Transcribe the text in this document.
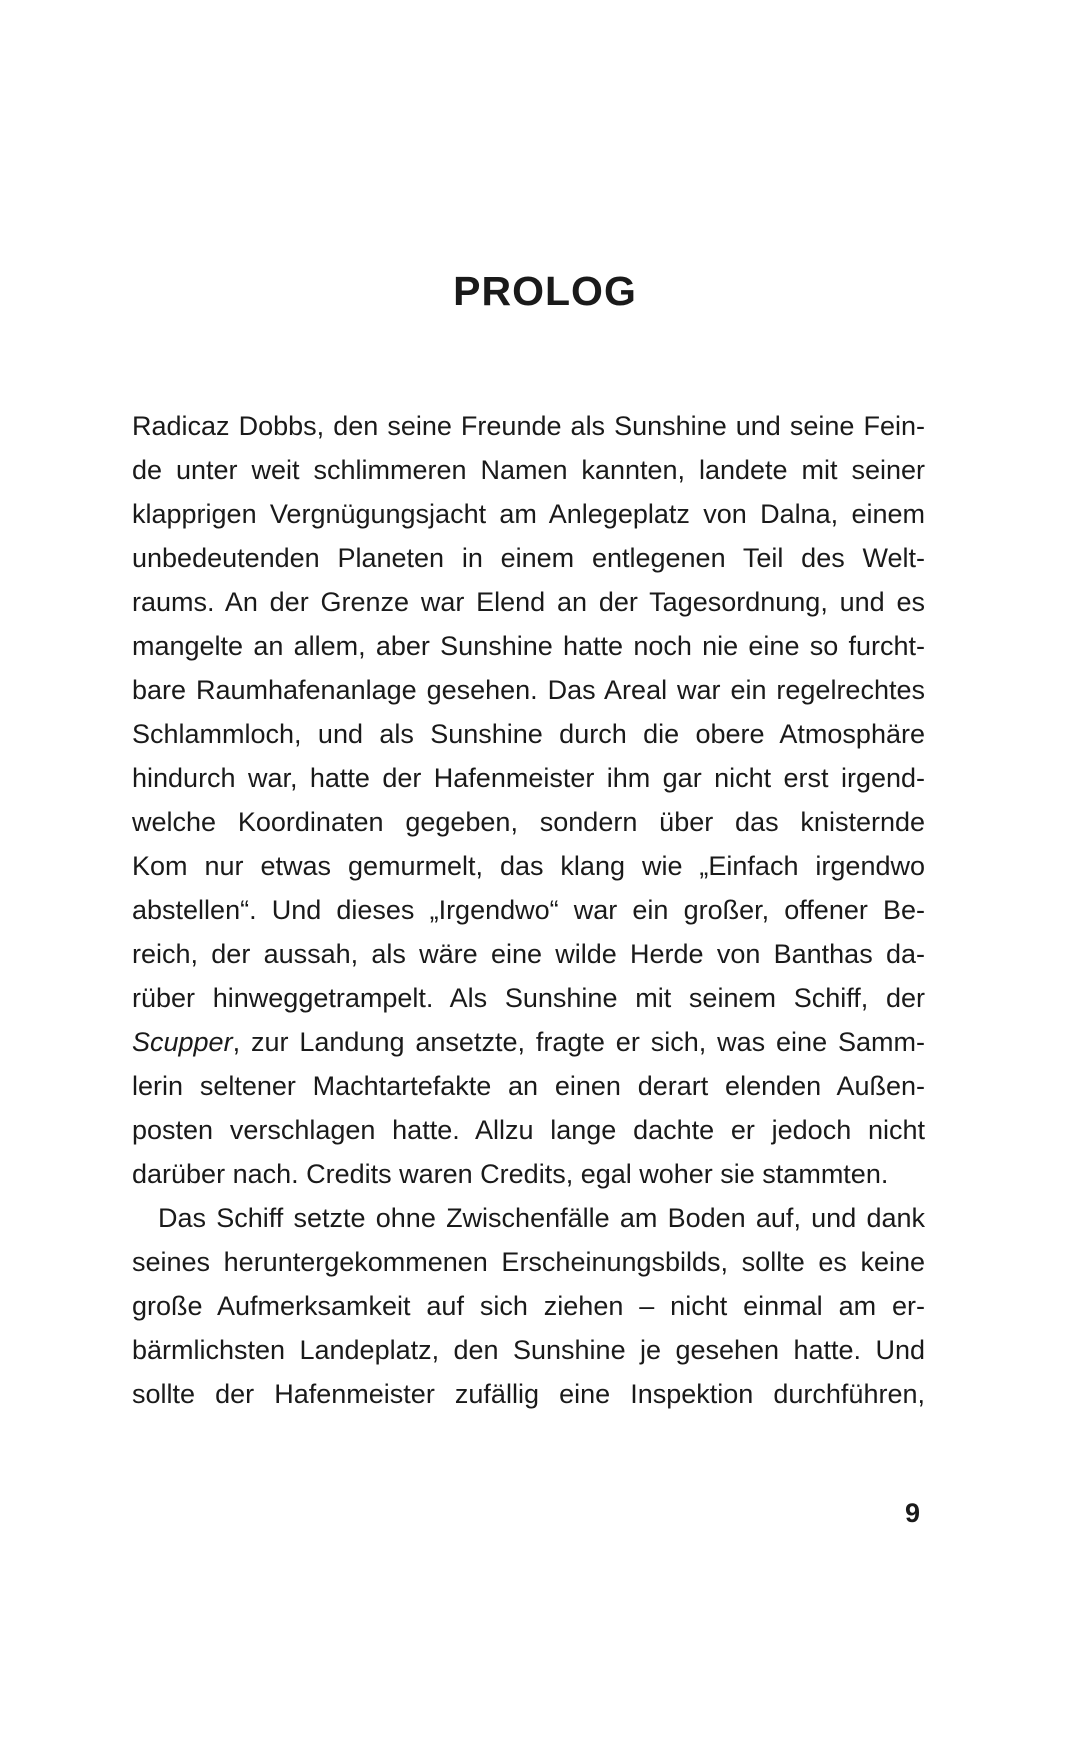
PROLOG

Radicaz Dobbs, den seine Freunde als Sunshine und seine Fein-
de unter weit schlimmeren Namen kannten, landete mit seiner
klapprigen Vergnügungsjacht am Anlegeplatz von Dalna, einem
unbedeutenden Planeten in einem entlegenen Teil des Welt-
raums. An der Grenze war Elend an der Tagesordnung, und es
mangelte an allem, aber Sunshine hatte noch nie eine so furcht-
bare Raumhafenanlage gesehen. Das Areal war ein regelrechtes
Schlammloch, und als Sunshine durch die obere Atmosphäre
hindurch war, hatte der Hafenmeister ihm gar nicht erst irgend-
welche Koordinaten gegeben, sondern über das knisternde
Kom nur etwas gemurmelt, das klang wie „Einfach irgendwo
abstellen“. Und dieses „Irgendwo“ war ein großer, offener Be-
reich, der aussah, als wäre eine wilde Herde von Banthas da-
rüber hinweggetrampelt. Als Sunshine mit seinem Schiff, der
Scupper, zur Landung ansetzte, fragte er sich, was eine Samm-
lerin seltener Machtartefakte an einen derart elenden Außen-
posten verschlagen hatte. Allzu lange dachte er jedoch nicht
darüber nach. Credits waren Credits, egal woher sie stammten.

Das Schiff setzte ohne Zwischenfälle am Boden auf, und dank
seines heruntergekommenen Erscheinungsbilds, sollte es keine
große Aufmerksamkeit auf sich ziehen – nicht einmal am er-
bärmlichsten Landeplatz, den Sunshine je gesehen hatte. Und
sollte der Hafenmeister zufällig eine Inspektion durchführen,

9
